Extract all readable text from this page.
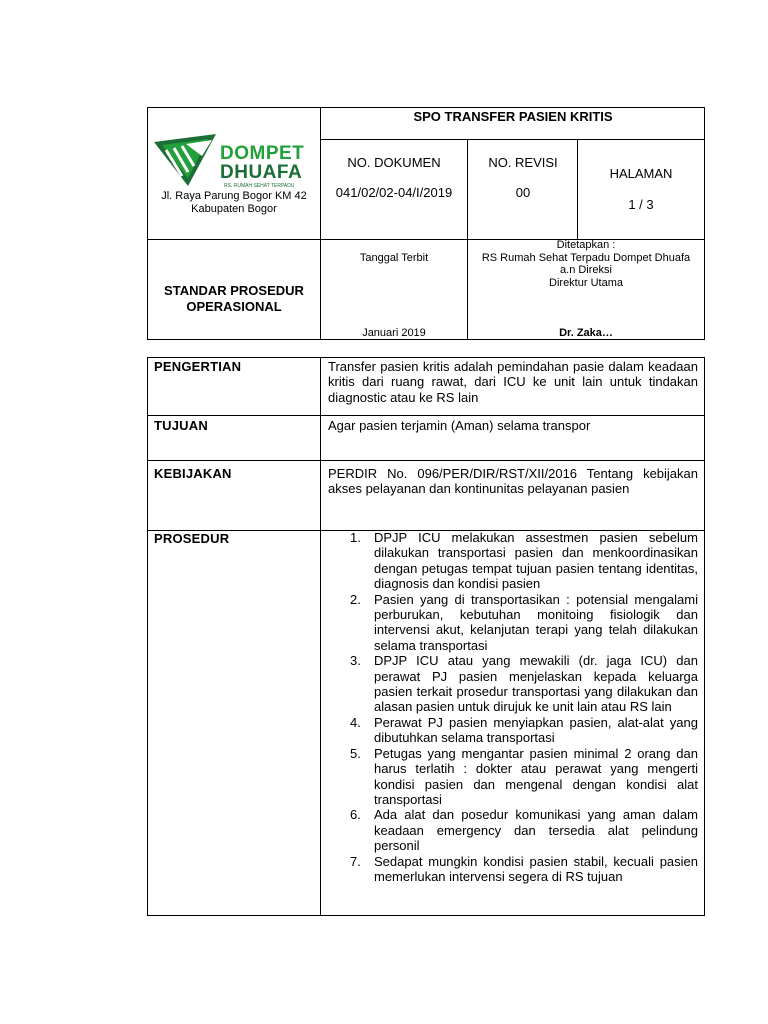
SPO TRANSFER PASIEN KRITIS
DOMPET
DHUAFA
RS. RUMAH SEHAT TERPADU
Jl. Raya Parung Bogor KM 42
Kabupaten Bogor
NO. DOKUMEN
041/02/02-04/I/2019
NO. REVISI
00
HALAMAN
1 / 3
STANDAR PROSEDUR
OPERASIONAL
Tanggal Terbit
Januari 2019
Ditetapkan :
RS Rumah Sehat Terpadu Dompet Dhuafa
a.n Direksi
Direktur Utama
Dr. Zaka…
PENGERTIAN	Transfer pasien kritis adalah pemindahan pasie dalam keadaan kritis dari ruang rawat, dari ICU ke unit lain untuk tindakan diagnostic atau ke RS lain
TUJUAN	Agar pasien terjamin (Aman) selama transpor
KEBIJAKAN	PERDIR No. 096/PER/DIR/RST/XII/2016 Tentang kebijakan akses pelayanan dan kontinunitas pelayanan pasien
PROSEDUR	1. DPJP ICU melakukan assestmen pasien sebelum dilakukan transportasi pasien dan menkoordinasikan dengan petugas tempat tujuan pasien tentang identitas, diagnosis dan kondisi pasien
2. Pasien yang di transportasikan : potensial mengalami perburukan, kebutuhan monitoing fisiologik dan intervensi akut, kelanjutan terapi yang telah dilakukan selama transportasi
3. DPJP ICU atau yang mewakili (dr. jaga ICU) dan perawat PJ pasien menjelaskan kepada keluarga pasien terkait prosedur transportasi yang dilakukan dan alasan pasien untuk dirujuk ke unit lain atau RS lain
4. Perawat PJ pasien menyiapkan pasien, alat-alat yang dibutuhkan selama transportasi
5. Petugas yang mengantar pasien minimal 2 orang dan harus terlatih : dokter atau perawat yang mengerti kondisi pasien dan mengenal dengan kondisi alat transportasi
6. Ada alat dan posedur komunikasi yang aman dalam keadaan emergency dan tersedia alat pelindung personil
7. Sedapat mungkin kondisi pasien stabil, kecuali pasien memerlukan intervensi segera di RS tujuan
